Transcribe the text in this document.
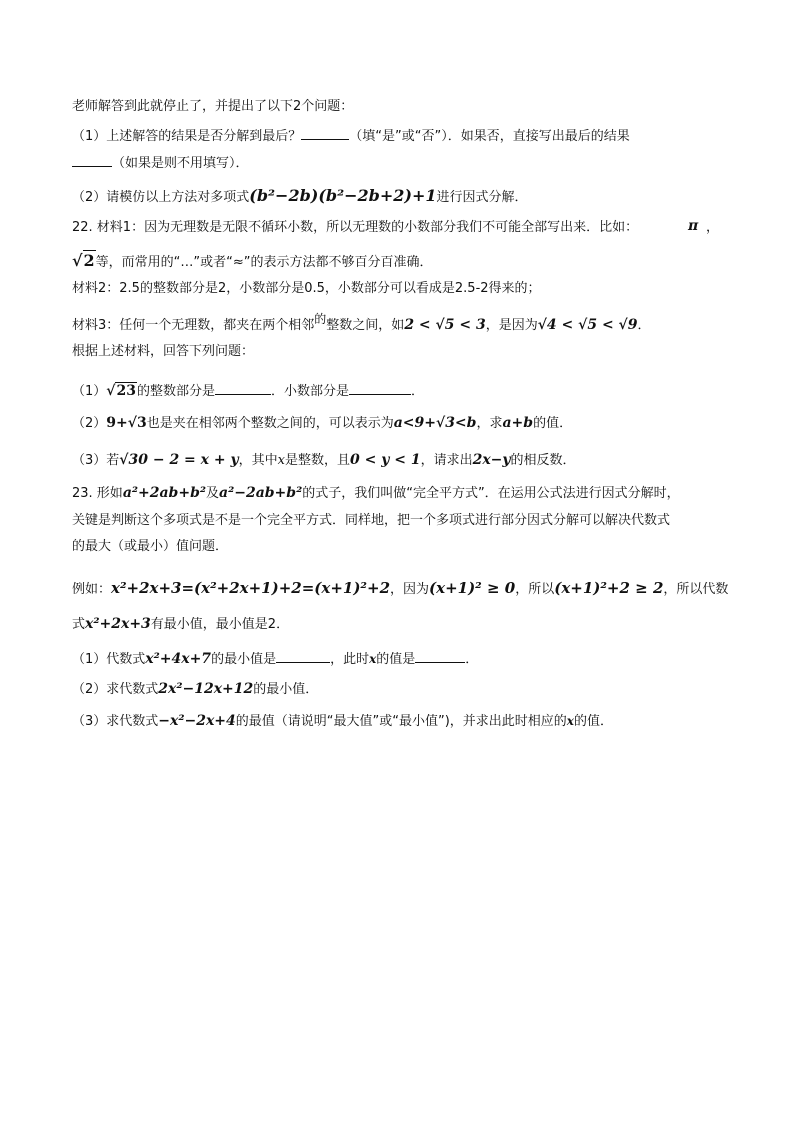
老师解答到此就停止了，并提出了以下2个问题：
（1）上述解答的结果是否分解到最后？	（填“是”或“否”）．如果否，直接写出最后的结果
（如果是则不用填写）．
（2）请模仿以上方法对多项式(b²−2b)(b²−2b+2)+1进行因式分解．
22. 材料1：因为无理数是无限不循环小数，所以无理数的小数部分我们不可能全部写出来．比如：	π ，
√2等，而常用的“…”或者“≈”的表示方法都不够百分百准确．
材料2：2.5的整数部分是2，小数部分是0.5，小数部分可以看成是2.5-2得来的；
材料3：任何一个无理数，都夹在两个相邻的整数之间，如2 < √5 < 3，是因为√4 < √5 < √9．
根据上述材料，回答下列问题：
（1）√23的整数部分是	．小数部分是	．
（2）9+√3也是夹在相邻两个整数之间的，可以表示为a<9+√3<b，求a+b的值．
（3）若√30 − 2 = x + y，其中x是整数，且0 < y < 1，请求出2x−y的相反数．
23. 形如a²+2ab+b²及a²−2ab+b²的式子，我们叫做“完全平方式”．在运用公式法进行因式分解时，
关键是判断这个多项式是不是一个完全平方式．同样地，把一个多项式进行部分因式分解可以解决代数式
的最大（或最小）值问题．
例如：x²+2x+3=(x²+2x+1)+2=(x+1)²+2，因为(x+1)² ≥ 0，所以(x+1)²+2 ≥ 2，所以代数
式x²+2x+3有最小值，最小值是2．
（1）代数式x²+4x+7的最小值是	，此时x的值是	．
（2）求代数式2x²−12x+12的最小值．
（3）求代数式−x²−2x+4的最值（请说明“最大值”或“最小值”)，并求出此时相应的x的值．
